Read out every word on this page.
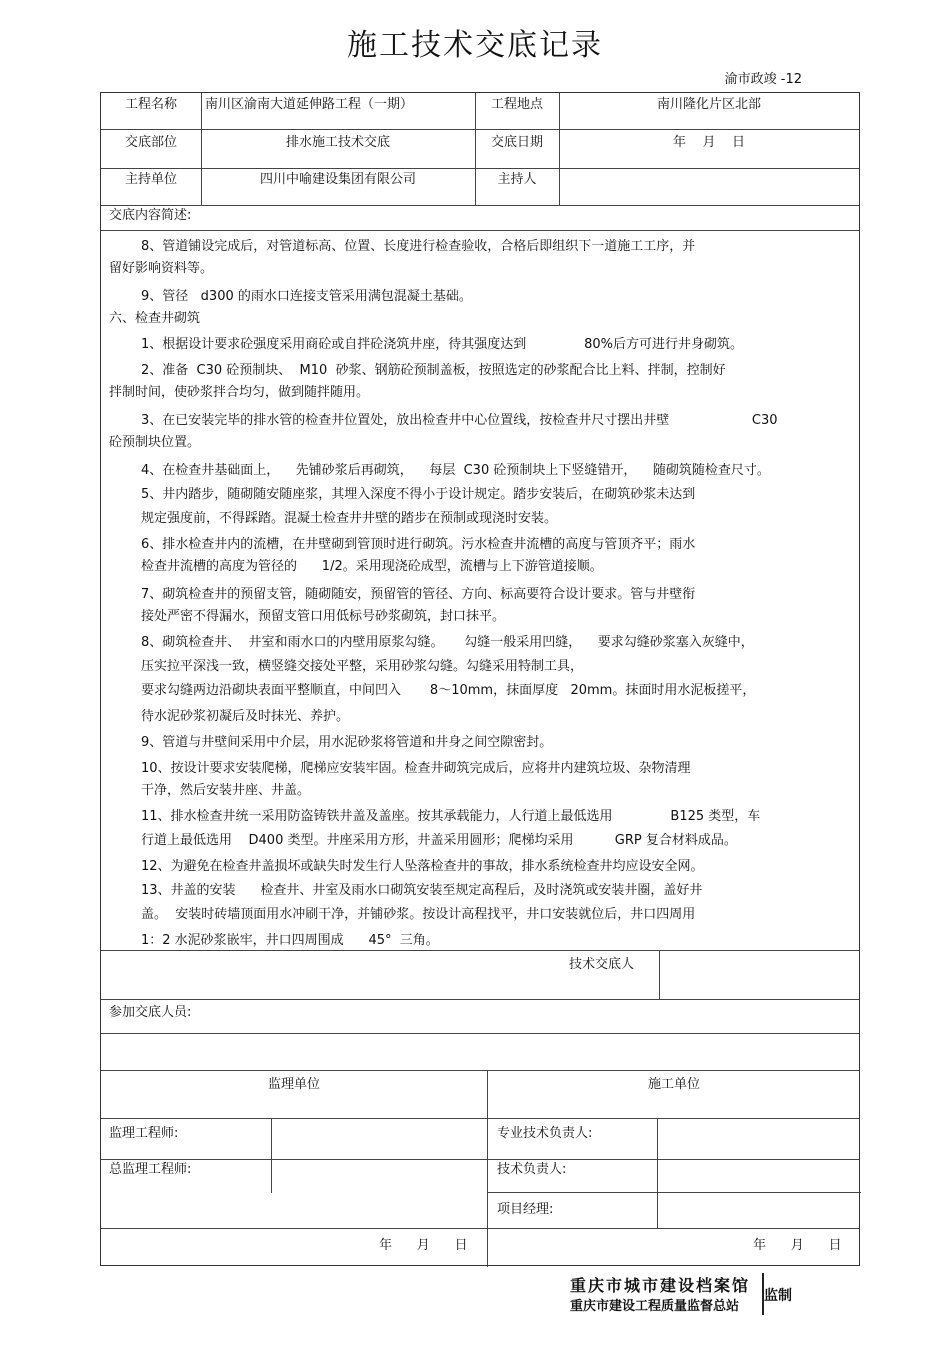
施工技术交底记录
渝市政竣 -12
工程名称	南川区渝南大道延伸路工程（一期）	工程地点	南川隆化片区北部
交底部位	排水施工技术交底	交底日期	年    月    日
主持单位	四川中喻建设集团有限公司	主持人
交底内容简述:

8、管道铺设完成后，对管道标高、位置、长度进行检查验收，合格后即组织下一道施工工序，并

留好影响资料等。

9、管径   d300 的雨水口连接支管采用满包混凝土基础。

六、检查井砌筑

1、根据设计要求砼强度采用商砼或自拌砼浇筑井座，待其强度达到              80%后方可进行井身砌筑。

2、准备  C30 砼预制块、  M10  砂浆、钢筋砼预制盖板，按照选定的砂浆配合比上料、拌制，控制好

拌制时间，使砂浆拌合均匀，做到随拌随用。

3、在已安装完毕的排水管的检查井位置处，放出检查井中心位置线，按检查井尺寸摆出井壁                    C30

砼预制块位置。

4、在检查井基础面上，    先铺砂浆后再砌筑，    每层  C30 砼预制块上下竖缝错开，    随砌筑随检查尺寸。

5、井内踏步，随砌随安随座浆，其埋入深度不得小于设计规定。踏步安装后，在砌筑砂浆未达到

规定强度前，不得踩踏。混凝土检查井井壁的踏步在预制或现浇时安装。

6、排水检查井内的流槽，在井壁砌到管顶时进行砌筑。污水检查井流槽的高度与管顶齐平；雨水

检查井流槽的高度为管径的      1/2。采用现浇砼成型，流槽与上下游管道接顺。

7、砌筑检查井的预留支管，随砌随安，预留管的管径、方向、标高要符合设计要求。管与井壁衔

接处严密不得漏水，预留支管口用低标号砂浆砌筑，封口抹平。

8、砌筑检查井、  井室和雨水口的内壁用原浆勾缝。     勾缝一般采用凹缝，    要求勾缝砂浆塞入灰缝中，

压实拉平深浅一致，横竖缝交接处平整，采用砂浆勾缝。勾缝采用特制工具，

要求勾缝两边沿砌块表面平整顺直，中间凹入       8～10mm，抹面厚度   20mm。抹面时用水泥板搓平，

待水泥砂浆初凝后及时抹光、养护。

9、管道与井壁间采用中介层，用水泥砂浆将管道和井身之间空隙密封。

10、按设计要求安装爬梯，爬梯应安装牢固。检查井砌筑完成后，应将井内建筑垃圾、杂物清理

干净，然后安装井座、井盖。

11、排水检查井统一采用防盗铸铁井盖及盖座。按其承载能力，人行道上最低选用              B125 类型，车

行道上最低选用    D400 类型。井座采用方形，井盖采用圆形；爬梯均采用          GRP 复合材料成品。

12、为避免在检查井盖损坏或缺失时发生行人坠落检查井的事故，排水系统检查井均应设安全网。

13、井盖的安装      检查井、井室及雨水口砌筑安装至规定高程后，及时浇筑或安装井圈，盖好井

盖。  安装时砖墙顶面用水冲刷干净，并铺砂浆。按设计高程找平，井口安装就位后，井口四周用

1：2 水泥砂浆嵌牢，井口四周围成      45°  三角。

技术交底人
参加交底人员:
监理单位	施工单位
监理工程师:	专业技术负责人:
总监理工程师:	技术负责人:
项目经理:
年      月      日	年      月      日
重庆市城市建设档案馆
重庆市建设工程质量监督总站
监制
